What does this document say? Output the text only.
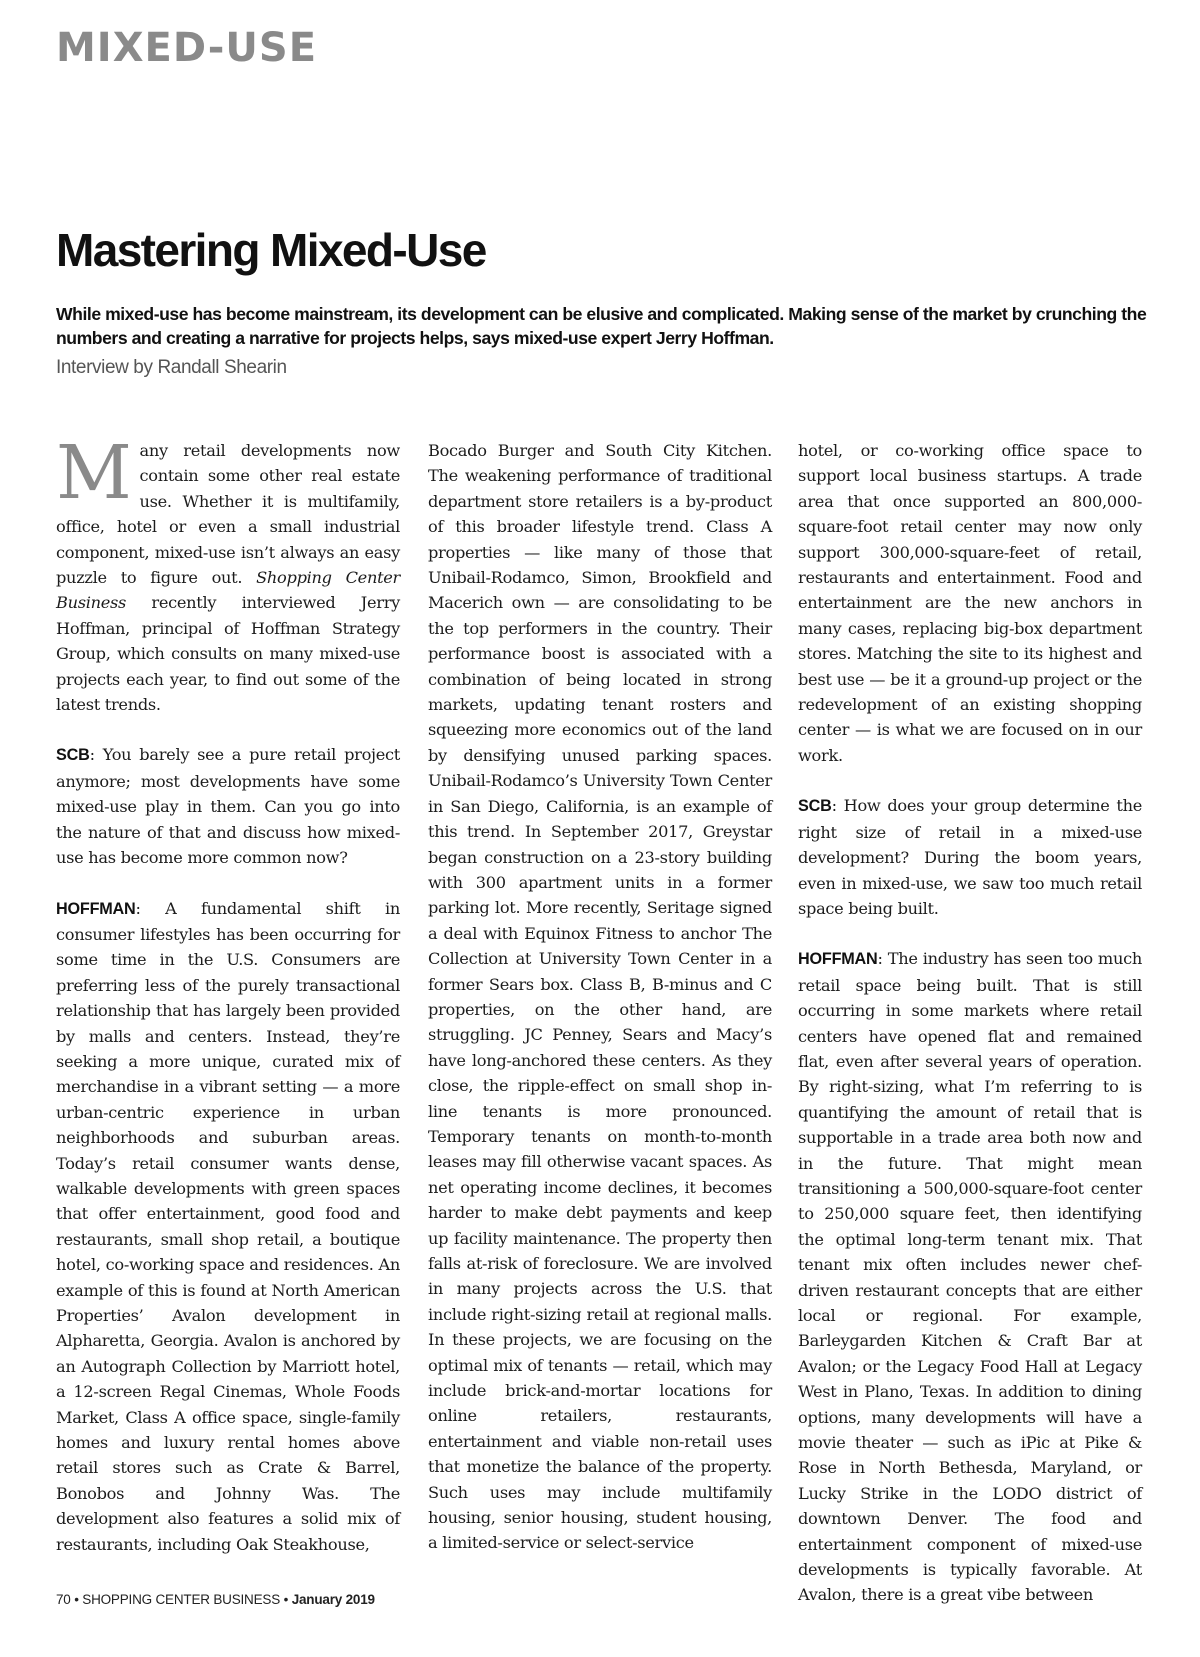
MIXED-USE
Mastering Mixed-Use

While mixed-use has become mainstream, its development can be elusive and complicated. Making sense of the market by crunching the numbers and creating a narrative for projects helps, says mixed-use expert Jerry Hoffman.

Interview by Randall Shearin

Many retail developments now contain some other real estate use. Whether it is multifamily, office, hotel or even a small industrial component, mixed-use isn’t always an easy puzzle to figure out. Shopping Center Business recently interviewed Jerry Hoffman, principal of Hoffman Strategy Group, which consults on many mixed-use projects each year, to find out some of the latest trends.

SCB: You barely see a pure retail project anymore; most developments have some mixed-use play in them. Can you go into the nature of that and discuss how mixed-use has become more common now?

HOFFMAN: A fundamental shift in consumer lifestyles has been occurring for some time in the U.S. Consumers are preferring less of the purely transactional relationship that has largely been provided by malls and centers. Instead, they’re seeking a more unique, curated mix of merchandise in a vibrant setting — a more urban-centric experience in urban neighborhoods and suburban areas. Today’s retail consumer wants dense, walkable developments with green spaces that offer entertainment, good food and restaurants, small shop retail, a boutique hotel, co-working space and residences. An example of this is found at North American Properties’ Avalon development in Alpharetta, Georgia. Avalon is anchored by an Autograph Collection by Marriott hotel, a 12-screen Regal Cinemas, Whole Foods Market, Class A office space, single-family homes and luxury rental homes above retail stores such as Crate & Barrel, Bonobos and Johnny Was. The development also features a solid mix of restaurants, including Oak Steakhouse,

Bocado Burger and South City Kitchen. The weakening performance of traditional department store retailers is a by-product of this broader lifestyle trend. Class A properties — like many of those that Unibail-Rodamco, Simon, Brookfield and Macerich own — are consolidating to be the top performers in the country. Their performance boost is associated with a combination of being located in strong markets, updating tenant rosters and squeezing more economics out of the land by densifying unused parking spaces. Unibail-Rodamco’s University Town Center in San Diego, California, is an example of this trend. In September 2017, Greystar began construction on a 23-story building with 300 apartment units in a former parking lot. More recently, Seritage signed a deal with Equinox Fitness to anchor The Collection at University Town Center in a former Sears box. Class B, B-minus and C properties, on the other hand, are struggling. JC Penney, Sears and Macy’s have long-anchored these centers. As they close, the ripple-effect on small shop in-line tenants is more pronounced. Temporary tenants on month-to-month leases may fill otherwise vacant spaces. As net operating income declines, it becomes harder to make debt payments and keep up facility maintenance. The property then falls at-risk of foreclosure. We are involved in many projects across the U.S. that include right-sizing retail at regional malls. In these projects, we are focusing on the optimal mix of tenants — retail, which may include brick-and-mortar locations for online retailers, restaurants, entertainment and viable non-retail uses that monetize the balance of the property. Such uses may include multifamily housing, senior housing, student housing, a limited-service or select-service

hotel, or co-working office space to support local business startups. A trade area that once supported an 800,000-square-foot retail center may now only support 300,000-square-feet of retail, restaurants and entertainment. Food and entertainment are the new anchors in many cases, replacing big-box department stores. Matching the site to its highest and best use — be it a ground-up project or the redevelopment of an existing shopping center — is what we are focused on in our work.

SCB: How does your group determine the right size of retail in a mixed-use development? During the boom years, even in mixed-use, we saw too much retail space being built.

HOFFMAN: The industry has seen too much retail space being built. That is still occurring in some markets where retail centers have opened flat and remained flat, even after several years of operation. By right-sizing, what I’m referring to is quantifying the amount of retail that is supportable in a trade area both now and in the future. That might mean transitioning a 500,000-square-foot center to 250,000 square feet, then identifying the optimal long-term tenant mix. That tenant mix often includes newer chef-driven restaurant concepts that are either local or regional. For example, Barleygarden Kitchen & Craft Bar at Avalon; or the Legacy Food Hall at Legacy West in Plano, Texas. In addition to dining options, many developments will have a movie theater — such as iPic at Pike & Rose in North Bethesda, Maryland, or Lucky Strike in the LODO district of downtown Denver. The food and entertainment component of mixed-use developments is typically favorable. At Avalon, there is a great vibe between

70 • SHOPPING CENTER BUSINESS • January 2019
